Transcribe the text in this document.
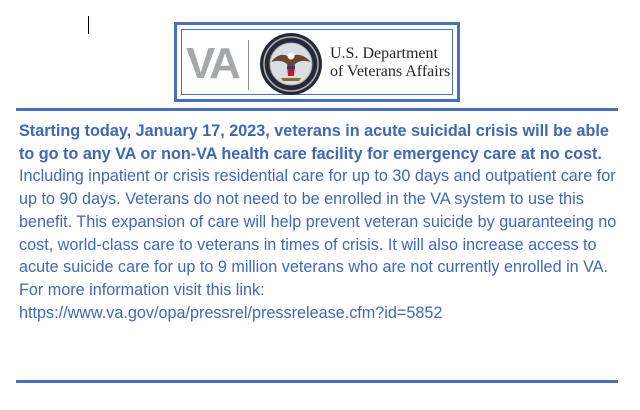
VA	U.S. Department
of Veterans Affairs
Starting today, January 17, 2023, veterans in acute suicidal crisis will be able to go to any VA or non-VA health care facility for emergency care at no cost. Including inpatient or crisis residential care for up to 30 days and outpatient care for up to 90 days. Veterans do not need to be enrolled in the VA system to use this benefit. This expansion of care will help prevent veteran suicide by guaranteeing no cost, world-class care to veterans in times of crisis. It will also increase access to acute suicide care for up to 9 million veterans who are not currently enrolled in VA.
For more information visit this link:
https://www.va.gov/opa/pressrel/pressrelease.cfm?id=5852
